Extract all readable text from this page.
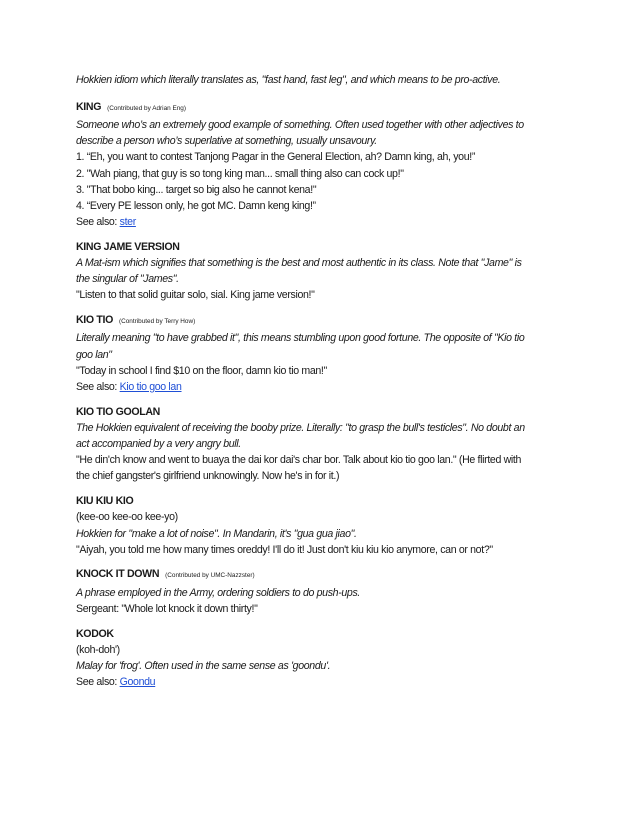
Hokkien idiom which literally translates as, "fast hand, fast leg", and which means to be pro-active.
KING (Contributed by Adrian Eng)
Someone who’s an extremely good example of something. Often used together with other adjectives to
describe a person who’s superlative at something, usually unsavoury.
1. “Eh, you want to contest Tanjong Pagar in the General Election, ah? Damn king, ah, you!”
2. "Wah piang, that guy is so tong king man... small thing also can cock up!"
3. "That bobo king... target so big also he cannot kena!"
4. “Every PE lesson only, he got MC. Damn keng king!”
See also: ster
KING JAME VERSION
A Mat-ism which signifies that something is the best and most authentic in its class. Note that "Jame" is
the singular of "James".
"Listen to that solid guitar solo, sial. King jame version!"
KIO TIO (Contributed by Terry How)
Literally meaning "to have grabbed it", this means stumbling upon good fortune. The opposite of "Kio tio
goo lan"
"Today in school I find $10 on the floor, damn kio tio man!"
See also: Kio tio goo lan
KIO TIO GOOLAN
The Hokkien equivalent of receiving the booby prize. Literally: "to grasp the bull's testicles". No doubt an
act accompanied by a very angry bull.
"He din'ch know and went to buaya the dai kor dai's char bor. Talk about kio tio goo lan." (He flirted with
the chief gangster's girlfriend unknowingly. Now he's in for it.)
KIU KIU KIO
(kee-oo kee-oo kee-yo)
Hokkien for "make a lot of noise". In Mandarin, it's "gua gua jiao".
"Aiyah, you told me how many times oreddy! I'll do it! Just don't kiu kiu kio anymore, can or not?"
KNOCK IT DOWN (Contributed by UMC-Nazzster)
A phrase employed in the Army, ordering soldiers to do push-ups.
Sergeant: "Whole lot knock it down thirty!"
KODOK
(koh-doh')
Malay for 'frog'. Often used in the same sense as 'goondu'.
See also: Goondu
